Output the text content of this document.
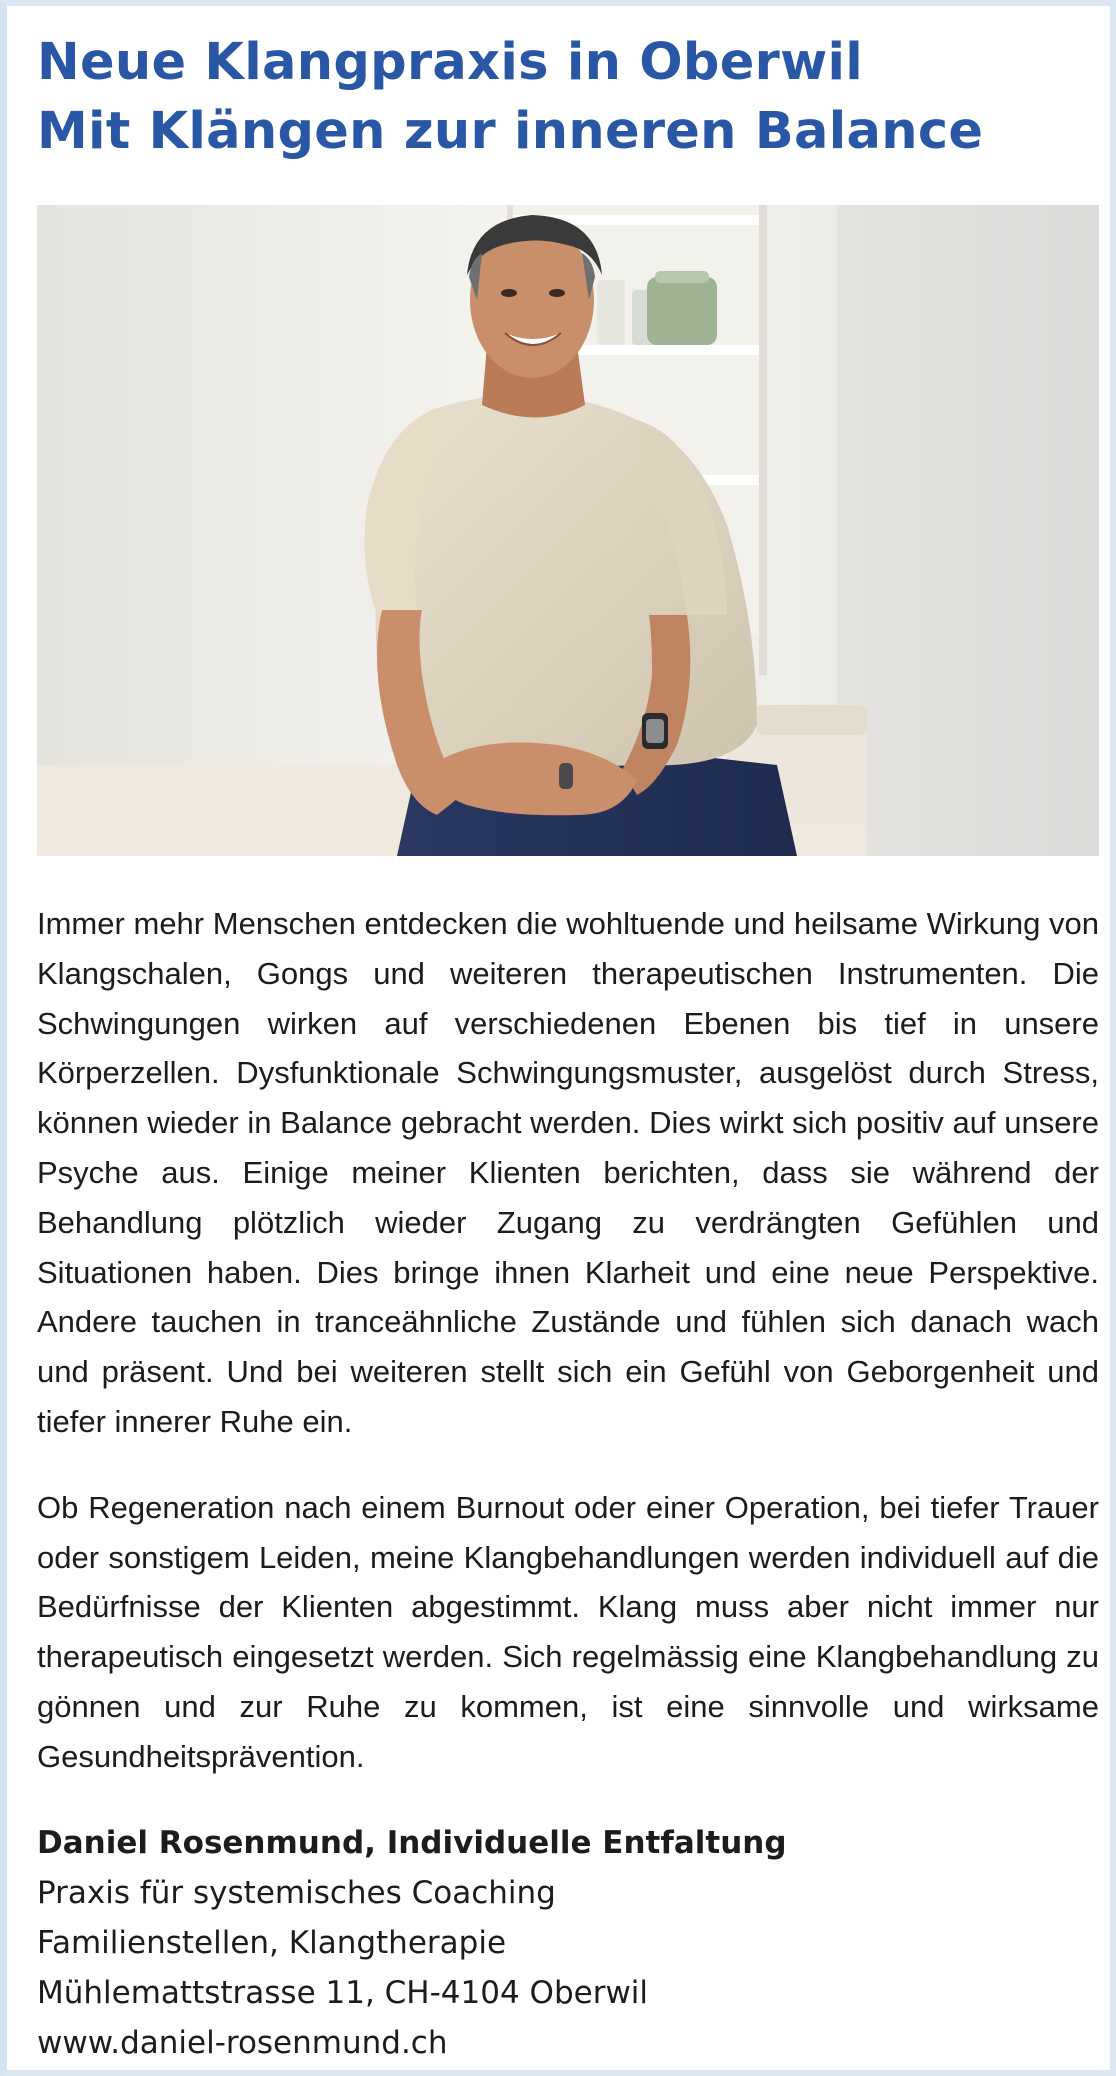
Neue Klangpraxis in Oberwil
Mit Klängen zur inneren Balance

Immer mehr Menschen entdecken die wohltuende und heilsame Wirkung von Klangschalen, Gongs und weiteren therapeutischen Instrumenten. Die Schwingungen wirken auf verschiedenen Ebenen bis tief in unsere Körperzellen. Dysfunktionale Schwingungsmuster, ausgelöst durch Stress, können wieder in Balance gebracht werden. Dies wirkt sich positiv auf unsere Psyche aus. Einige meiner Klienten berichten, dass sie während der Behandlung plötzlich wieder Zugang zu verdrängten Gefühlen und Situationen haben. Dies bringe ihnen Klarheit und eine neue Perspektive. Andere tauchen in tranceähnliche Zustände und fühlen sich danach wach und präsent. Und bei weiteren stellt sich ein Gefühl von Geborgenheit und tiefer innerer Ruhe ein.

Ob Regeneration nach einem Burnout oder einer Operation, bei tiefer Trauer oder sonstigem Leiden, meine Klangbehandlungen werden individuell auf die Bedürfnisse der Klienten abgestimmt. Klang muss aber nicht immer nur therapeutisch eingesetzt werden. Sich regelmässig eine Klangbehandlung zu gönnen und zur Ruhe zu kommen, ist eine sinnvolle und wirksame Gesundheitsprävention.

Daniel Rosenmund, Individuelle Entfaltung
Praxis für systemisches Coaching
Familienstellen, Klangtherapie
Mühlemattstrasse 11, CH-4104 Oberwil
www.daniel-rosenmund.ch
